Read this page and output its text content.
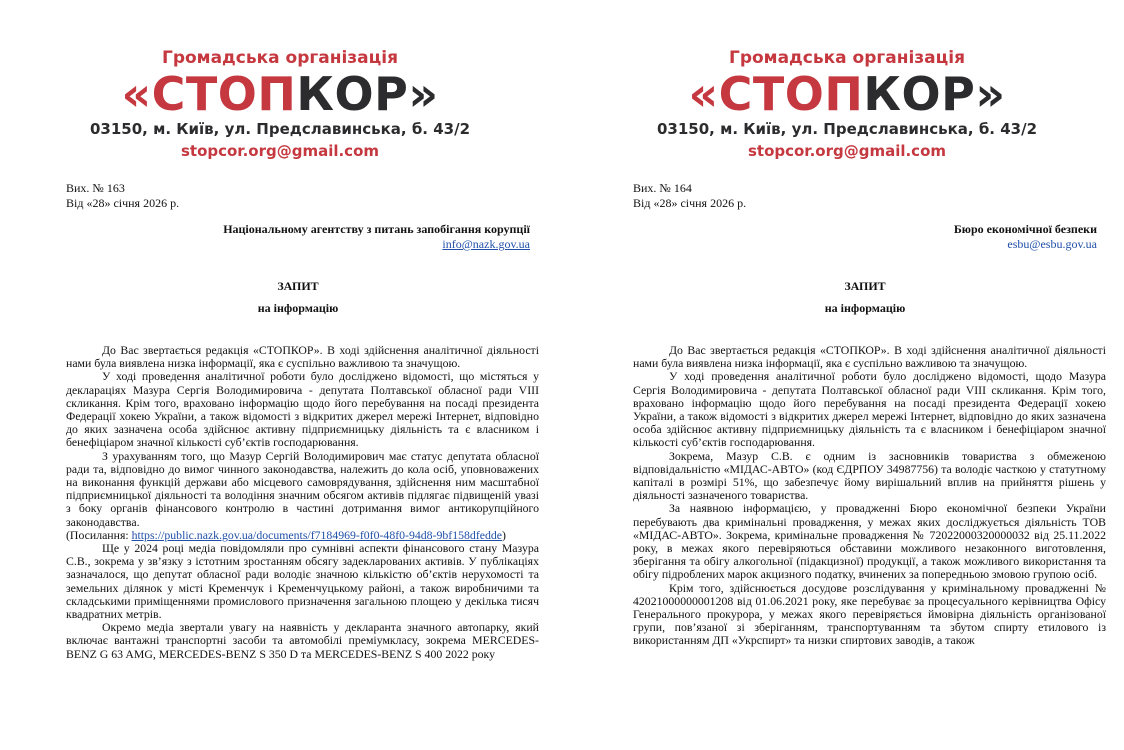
Громадська організація
«СТОПКОР»
03150, м. Київ, ул. Предславинська, б. 43/2
stopcor.org@gmail.com
Вих. № 163
Від «28» січня 2026 р.
Національному агентству з питань запобігання корупції
info@nazk.gov.ua
ЗАПИТ
на інформацію

До Вас звертається редакція «СТОПКОР». В ході здійснення аналітичної діяльності нами була виявлена низка інформації, яка є суспільно важливою та значущою.

У ході проведення аналітичної роботи було досліджено відомості, що містяться у деклараціях Мазура Сергія Володимировича - депутата Полтавської обласної ради VIII скликання. Крім того, враховано інформацію щодо його перебування на посаді президента Федерації хокею України, а також відомості з відкритих джерел мережі Інтернет, відповідно до яких зазначена особа здійснює активну підприємницьку діяльність та є власником і бенефіціаром значної кількості суб’єктів господарювання.

З урахуванням того, що Мазур Сергій Володимирович має статус депутата обласної ради та, відповідно до вимог чинного законодавства, належить до кола осіб, уповноважених на виконання функцій держави або місцевого самоврядування, здійснення ним масштабної підприємницької діяльності та володіння значним обсягом активів підлягає підвищеній увазі з боку органів фінансового контролю в частині дотримання вимог антикорупційного законодавства.

(Посилання: https://public.nazk.gov.ua/documents/f7184969-f0f0-48f0-94d8-9bf158dfedde)

Ще у 2024 році медіа повідомляли про сумнівні аспекти фінансового стану Мазура С.В., зокрема у зв’язку з істотним зростанням обсягу задекларованих активів. У публікаціях зазначалося, що депутат обласної ради володіє значною кількістю об’єктів нерухомості та земельних ділянок у місті Кременчук і Кременчуцькому районі, а також виробничими та складськими приміщеннями промислового призначення загальною площею у декілька тисяч квадратних метрів.

Окремо медіа звертали увагу на наявність у декларанта значного автопарку, який включає вантажні транспортні засоби та автомобілі преміумкласу, зокрема MERCEDES-BENZ G 63 AMG, MERCEDES-BENZ S 350 D та MERCEDES-BENZ S 400 2022 року

Громадська організація
«СТОПКОР»
03150, м. Київ, ул. Предславинська, б. 43/2
stopcor.org@gmail.com
Вих. № 164
Від «28» січня 2026 р.
Бюро економічної безпеки
esbu@esbu.gov.ua
ЗАПИТ
на інформацію

До Вас звертається редакція «СТОПКОР». В ході здійснення аналітичної діяльності нами була виявлена низка інформації, яка є суспільно важливою та значущою.

У ході проведення аналітичної роботи було досліджено відомості, щодо Мазура Сергія Володимировича - депутата Полтавської обласної ради VIII скликання. Крім того, враховано інформацію щодо його перебування на посаді президента Федерації хокею України, а також відомості з відкритих джерел мережі Інтернет, відповідно до яких зазначена особа здійснює активну підприємницьку діяльність та є власником і бенефіціаром значної кількості суб’єктів господарювання.

Зокрема, Мазур С.В. є одним із засновників товариства з обмеженою відповідальністю «МІДАС-АВТО» (код ЄДРПОУ 34987756) та володіє часткою у статутному капіталі в розмірі 51%, що забезпечує йому вирішальний вплив на прийняття рішень у діяльності зазначеного товариства.

За наявною інформацією, у провадженні Бюро економічної безпеки України перебувають два кримінальні провадження, у межах яких досліджується діяльність ТОВ «МІДАС-АВТО». Зокрема, кримінальне провадження № 72022000320000032 від 25.11.2022 року, в межах якого перевіряються обставини можливого незаконного виготовлення, зберігання та обігу алкогольної (підакцизної) продукції, а також можливого використання та обігу підроблених марок акцизного податку, вчинених за попередньою змовою групою осіб.

Крім того, здійснюється досудове розслідування у кримінальному провадженні № 42021000000001208 від 01.06.2021 року, яке перебуває за процесуального керівництва Офісу Генерального прокурора, у межах якого перевіряється ймовірна діяльність організованої групи, пов’язаної зі зберіганням, транспортуванням та збутом спирту етилового із використанням ДП «Укрспирт» та низки спиртових заводів, а також
